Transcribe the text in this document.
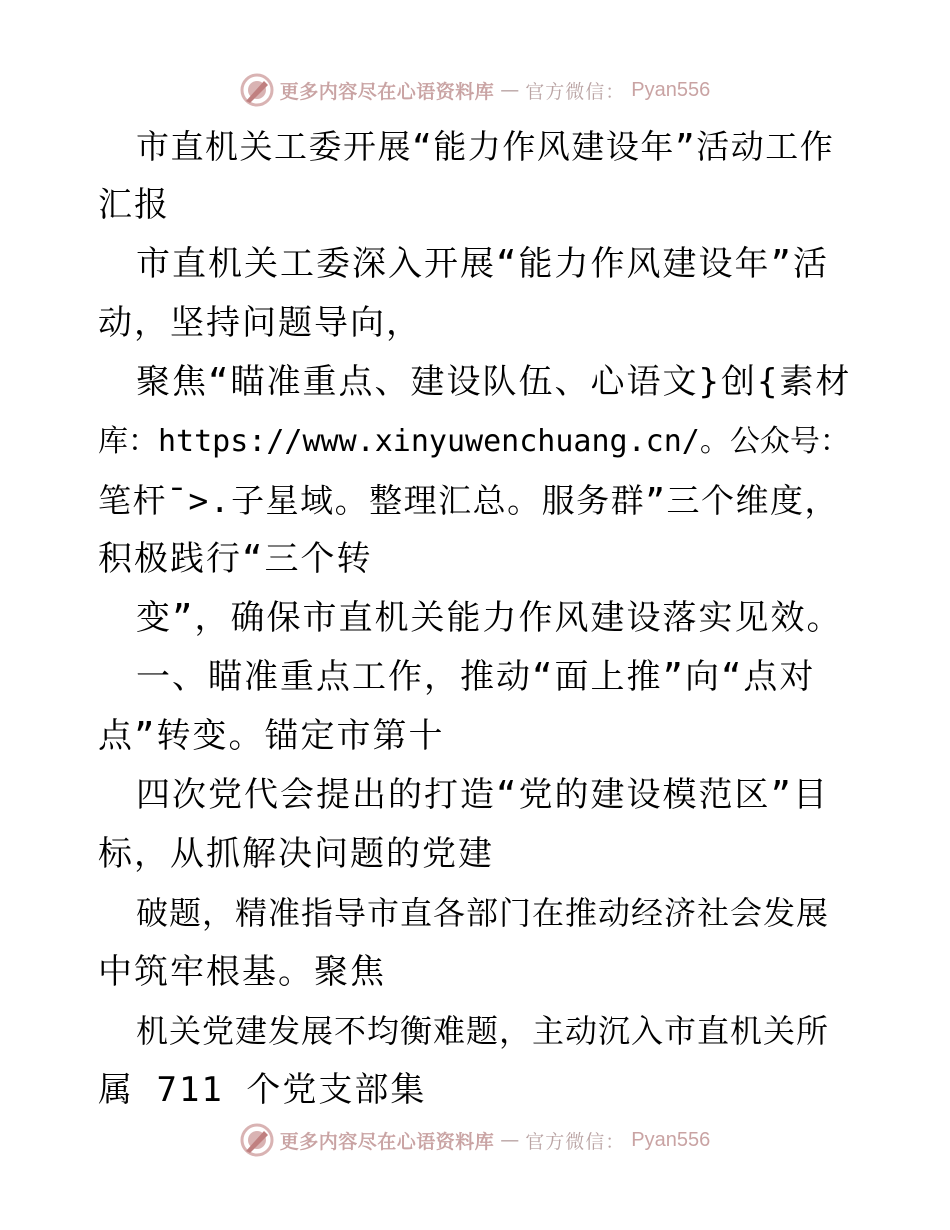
更多内容尽在心语资料库 — 官方微信： Pyan556
市直机关工委开展“能力作风建设年”活动工作
汇报
市直机关工委深入开展“能力作风建设年”活
动，坚持问题导向，
聚焦“瞄准重点、建设队伍、心语文}创{素材
库：https://www.xinyuwenchuang.cn/。公众号：
笔杆¯>.子星域。整理汇总。服务群”三个维度，
积极践行“三个转
变”，确保市直机关能力作风建设落实见效。
一、瞄准重点工作，推动“面上推”向“点对
点”转变。锚定市第十
四次党代会提出的打造“党的建设模范区”目
标，从抓解决问题的党建
破题，精准指导市直各部门在推动经济社会发展
中筑牢根基。聚焦
机关党建发展不均衡难题，主动沉入市直机关所
属 711 个党支部集
更多内容尽在心语资料库 — 官方微信： Pyan556
